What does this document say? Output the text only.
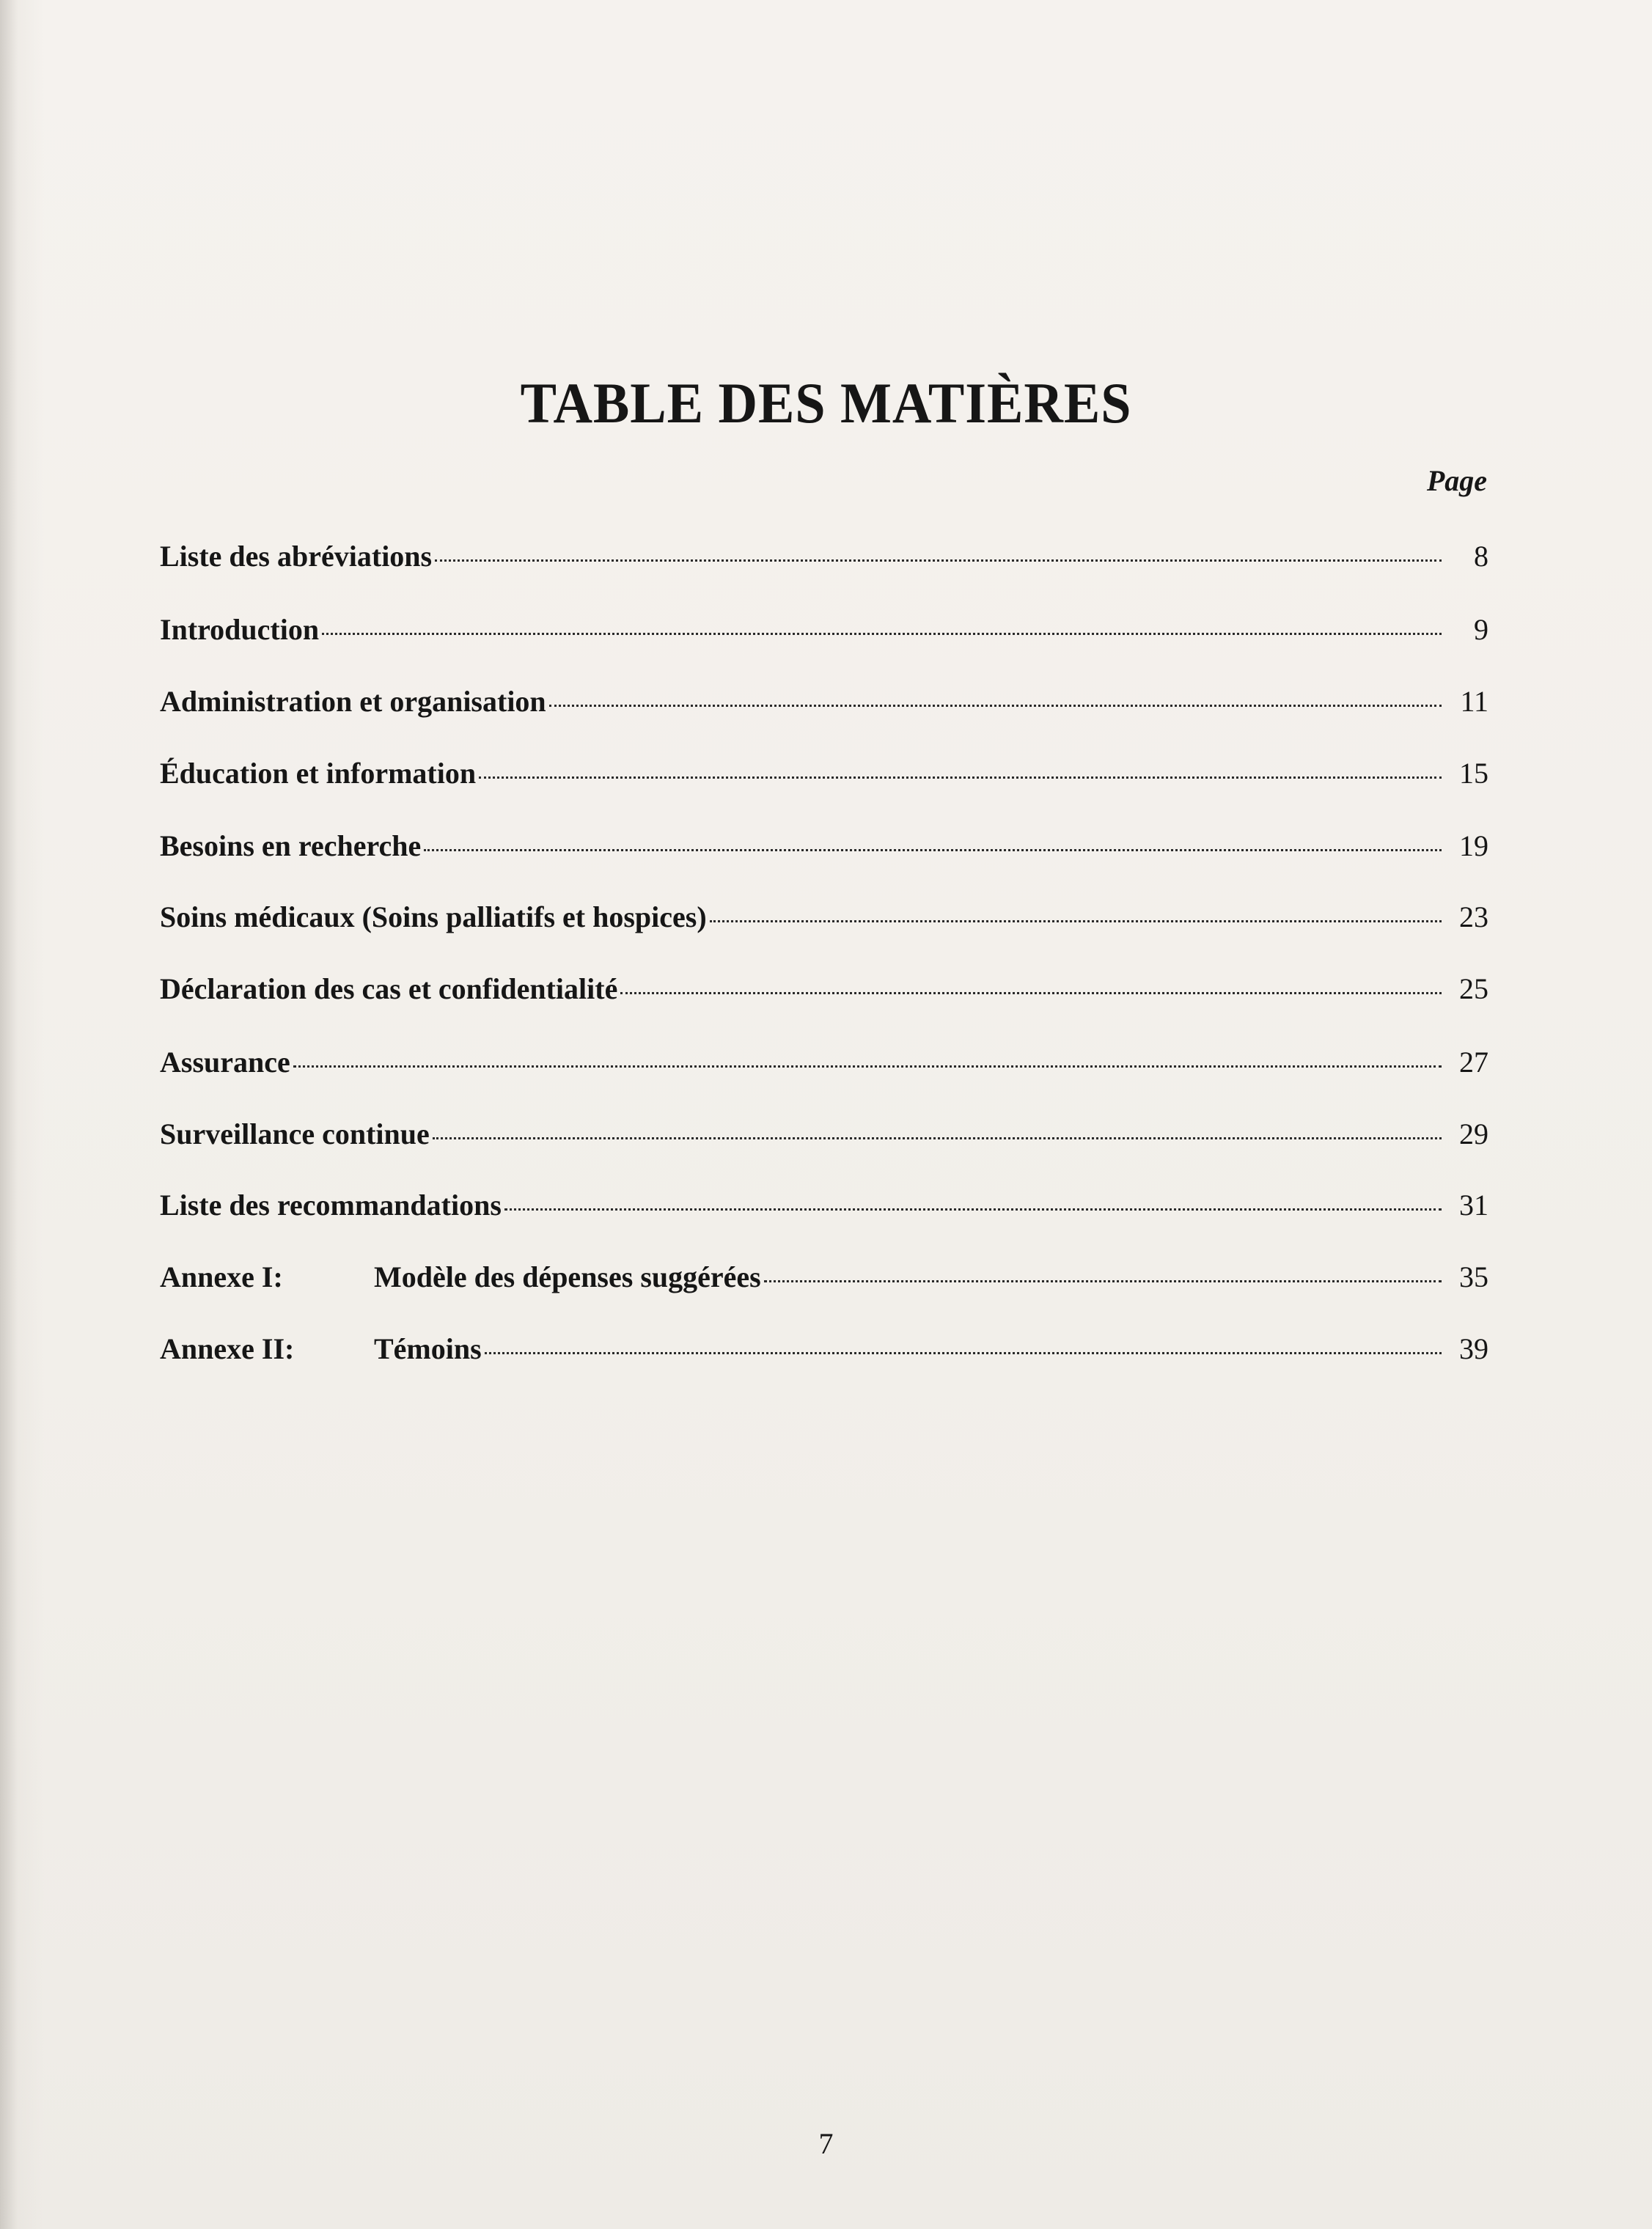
TABLE DES MATIÈRES
Page
Liste des abréviations	8
Introduction	9
Administration et organisation	11
Éducation et information	15
Besoins en recherche	19
Soins médicaux (Soins palliatifs et hospices)	23
Déclaration des cas et confidentialité	25
Assurance	27
Surveillance continue	29
Liste des recommandations	31
Annexe I:	Modèle des dépenses suggérées	35
Annexe II:	Témoins	39
7
